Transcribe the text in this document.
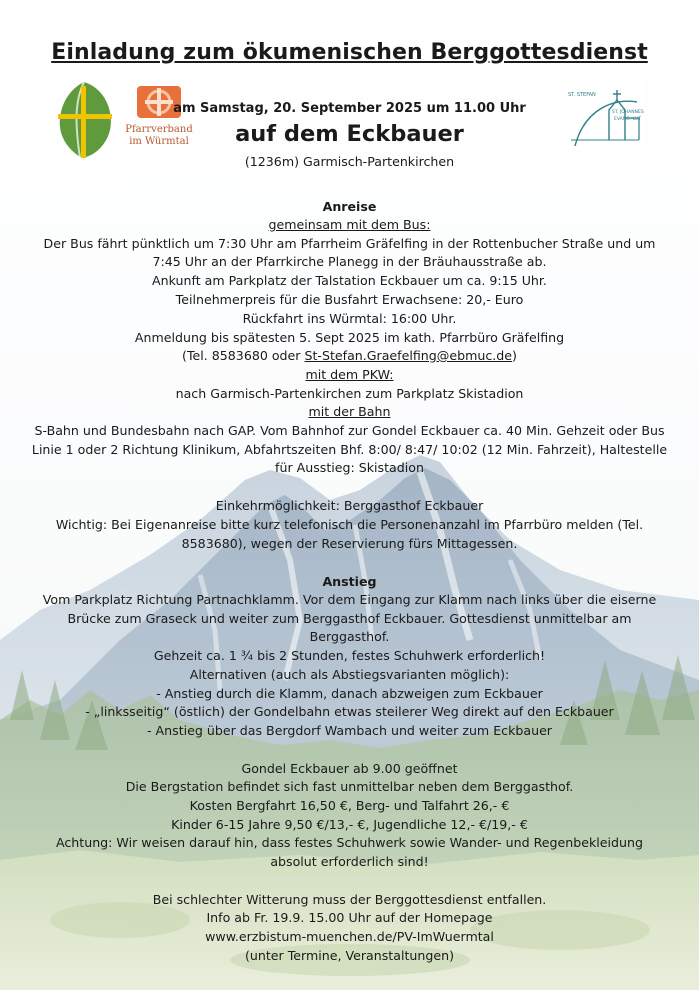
Einladung zum ökumenischen Berggottesdienst
Pfarrverband
im Würmtal
ST. STEFAN
ST. JOHANNES
EVANG.-LUT
am Samstag, 20. September 2025 um 11.00 Uhr
auf dem Eckbauer
(1236m) Garmisch-Partenkirchen
Anreise
gemeinsam mit dem Bus:
Der Bus fährt pünktlich um 7:30 Uhr am Pfarrheim Gräfelfing in der Rottenbucher Straße und um
7:45 Uhr an der Pfarrkirche Planegg in der Bräuhausstraße ab.
Ankunft am Parkplatz der Talstation Eckbauer um ca. 9:15 Uhr.
Teilnehmerpreis für die Busfahrt Erwachsene: 20,- Euro
Rückfahrt ins Würmtal: 16:00 Uhr.
Anmeldung bis spätesten 5. Sept 2025 im kath. Pfarrbüro Gräfelfing
(Tel. 8583680 oder St-Stefan.Graefelfing@ebmuc.de)
mit dem PKW:
nach Garmisch-Partenkirchen zum Parkplatz Skistadion
mit der Bahn
S-Bahn und Bundesbahn nach GAP. Vom Bahnhof zur Gondel Eckbauer ca. 40 Min. Gehzeit oder Bus
Linie 1 oder 2 Richtung Klinikum, Abfahrtszeiten Bhf. 8:00/ 8:47/ 10:02 (12 Min. Fahrzeit), Haltestelle
für Ausstieg: Skistadion
Einkehrmöglichkeit: Berggasthof Eckbauer
Wichtig: Bei Eigenanreise bitte kurz telefonisch die Personenanzahl im Pfarrbüro melden (Tel.
8583680), wegen der Reservierung fürs Mittagessen.
Anstieg
Vom Parkplatz Richtung Partnachklamm. Vor dem Eingang zur Klamm nach links über die eiserne
Brücke zum Graseck und weiter zum Berggasthof Eckbauer. Gottesdienst unmittelbar am
Berggasthof.
Gehzeit ca. 1 ¾ bis 2 Stunden, festes Schuhwerk erforderlich!
Alternativen (auch als Abstiegsvarianten möglich):
- Anstieg durch die Klamm, danach abzweigen zum Eckbauer
- „linksseitig“ (östlich) der Gondelbahn etwas steilerer Weg direkt auf den Eckbauer
- Anstieg über das Bergdorf Wambach und weiter zum Eckbauer
Gondel Eckbauer ab 9.00 geöffnet
Die Bergstation befindet sich fast unmittelbar neben dem Berggasthof.
Kosten Bergfahrt 16,50 €, Berg- und Talfahrt 26,- €
Kinder 6-15 Jahre 9,50 €/13,- €, Jugendliche 12,- €/19,- €
Achtung: Wir weisen darauf hin, dass festes Schuhwerk sowie Wander- und Regenbekleidung
absolut erforderlich sind!
Bei schlechter Witterung muss der Berggottesdienst entfallen.
Info ab Fr. 19.9. 15.00 Uhr auf der Homepage
www.erzbistum-muenchen.de/PV-ImWuermtal
(unter Termine, Veranstaltungen)
